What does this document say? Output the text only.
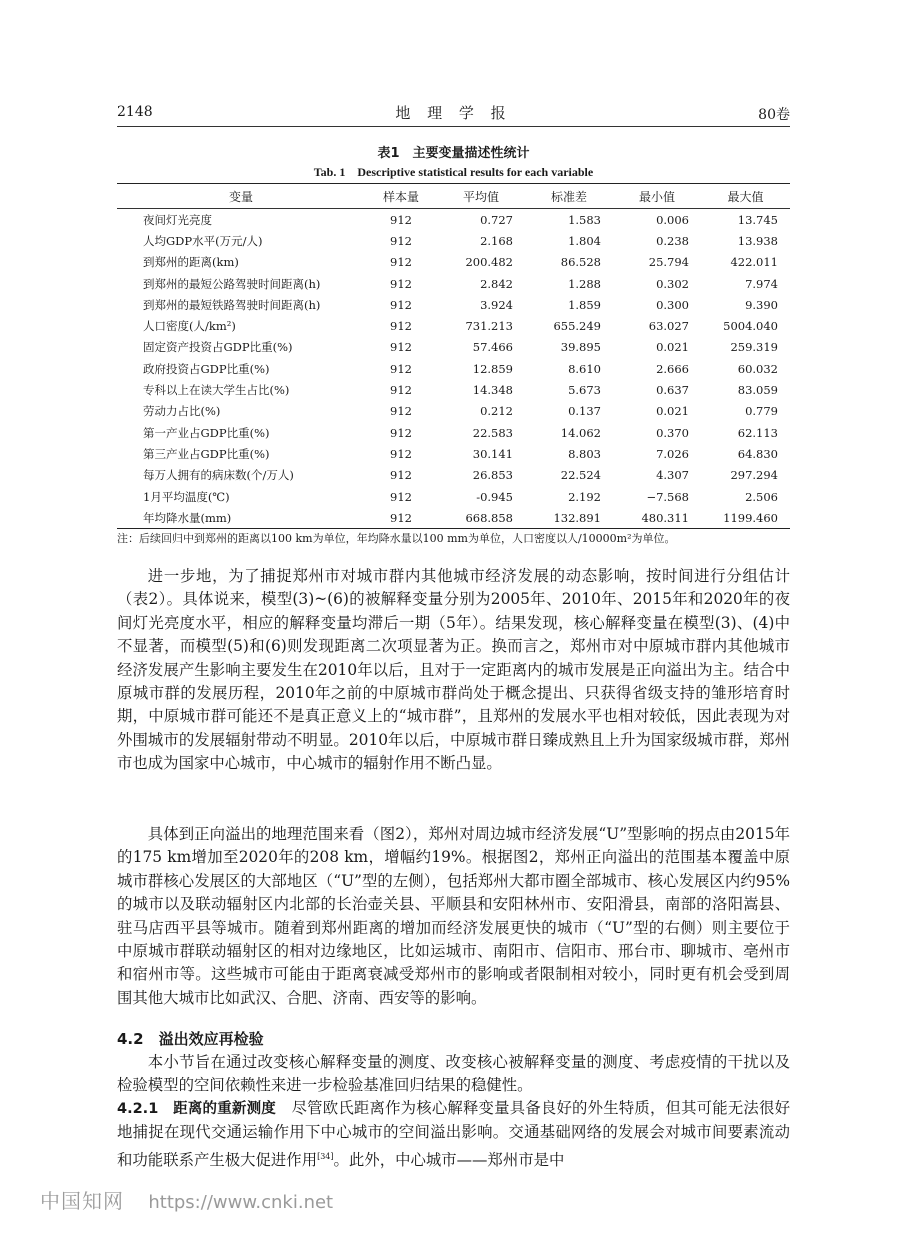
2148	地 理 学 报	80卷
表1　主要变量描述性统计
Tab. 1　Descriptive statistical results for each variable
变量	样本量	平均值	标准差	最小值	最大值
夜间灯光亮度	912	0.727	1.583	0.006	13.745
人均GDP水平(万元/人)	912	2.168	1.804	0.238	13.938
到郑州的距离(km)	912	200.482	86.528	25.794	422.011
到郑州的最短公路驾驶时间距离(h)	912	2.842	1.288	0.302	7.974
到郑州的最短铁路驾驶时间距离(h)	912	3.924	1.859	0.300	9.390
人口密度(人/km²)	912	731.213	655.249	63.027	5004.040
固定资产投资占GDP比重(%)	912	57.466	39.895	0.021	259.319
政府投资占GDP比重(%)	912	12.859	8.610	2.666	60.032
专科以上在读大学生占比(%)	912	14.348	5.673	0.637	83.059
劳动力占比(%)	912	0.212	0.137	0.021	0.779
第一产业占GDP比重(%)	912	22.583	14.062	0.370	62.113
第三产业占GDP比重(%)	912	30.141	8.803	7.026	64.830
每万人拥有的病床数(个/万人)	912	26.853	22.524	4.307	297.294
1月平均温度(℃)	912	-0.945	2.192	−7.568	2.506
年均降水量(mm)	912	668.858	132.891	480.311	1199.460
注：后续回归中到郑州的距离以100 km为单位，年均降水量以100 mm为单位，人口密度以人/10000m²为单位。
进一步地，为了捕捉郑州市对城市群内其他城市经济发展的动态影响，按时间进行分组估计（表2）。具体说来，模型(3)~(6)的被解释变量分别为2005年、2010年、2015年和2020年的夜间灯光亮度水平，相应的解释变量均滞后一期（5年）。结果发现，核心解释变量在模型(3)、(4)中不显著，而模型(5)和(6)则发现距离二次项显著为正。换而言之，郑州市对中原城市群内其他城市经济发展产生影响主要发生在2010年以后，且对于一定距离内的城市发展是正向溢出为主。结合中原城市群的发展历程，2010年之前的中原城市群尚处于概念提出、只获得省级支持的雏形培育时期，中原城市群可能还不是真正意义上的“城市群”，且郑州的发展水平也相对较低，因此表现为对外围城市的发展辐射带动不明显。2010年以后，中原城市群日臻成熟且上升为国家级城市群，郑州市也成为国家中心城市，中心城市的辐射作用不断凸显。
具体到正向溢出的地理范围来看（图2），郑州对周边城市经济发展“U”型影响的拐点由2015年的175 km增加至2020年的208 km，增幅约19%。根据图2，郑州正向溢出的范围基本覆盖中原城市群核心发展区的大部地区（“U”型的左侧），包括郑州大都市圈全部城市、核心发展区内约95%的城市以及联动辐射区内北部的长治壶关县、平顺县和安阳林州市、安阳滑县，南部的洛阳嵩县、驻马店西平县等城市。随着到郑州距离的增加而经济发展更快的城市（“U”型的右侧）则主要位于中原城市群联动辐射区的相对边缘地区，比如运城市、南阳市、信阳市、邢台市、聊城市、亳州市和宿州市等。这些城市可能由于距离衰减受郑州市的影响或者限制相对较小，同时更有机会受到周围其他大城市比如武汉、合肥、济南、西安等的影响。
4.2　溢出效应再检验
本小节旨在通过改变核心解释变量的测度、改变核心被解释变量的测度、考虑疫情的干扰以及检验模型的空间依赖性来进一步检验基准回归结果的稳健性。
4.2.1　距离的重新测度　 尽管欧氏距离作为核心解释变量具备良好的外生特质，但其可能无法很好地捕捉在现代交通运输作用下中心城市的空间溢出影响。交通基础网络的发展会对城市间要素流动和功能联系产生极大促进作用[34]。此外，中心城市——郑州市是中
中国知网 https://www.cnki.net
